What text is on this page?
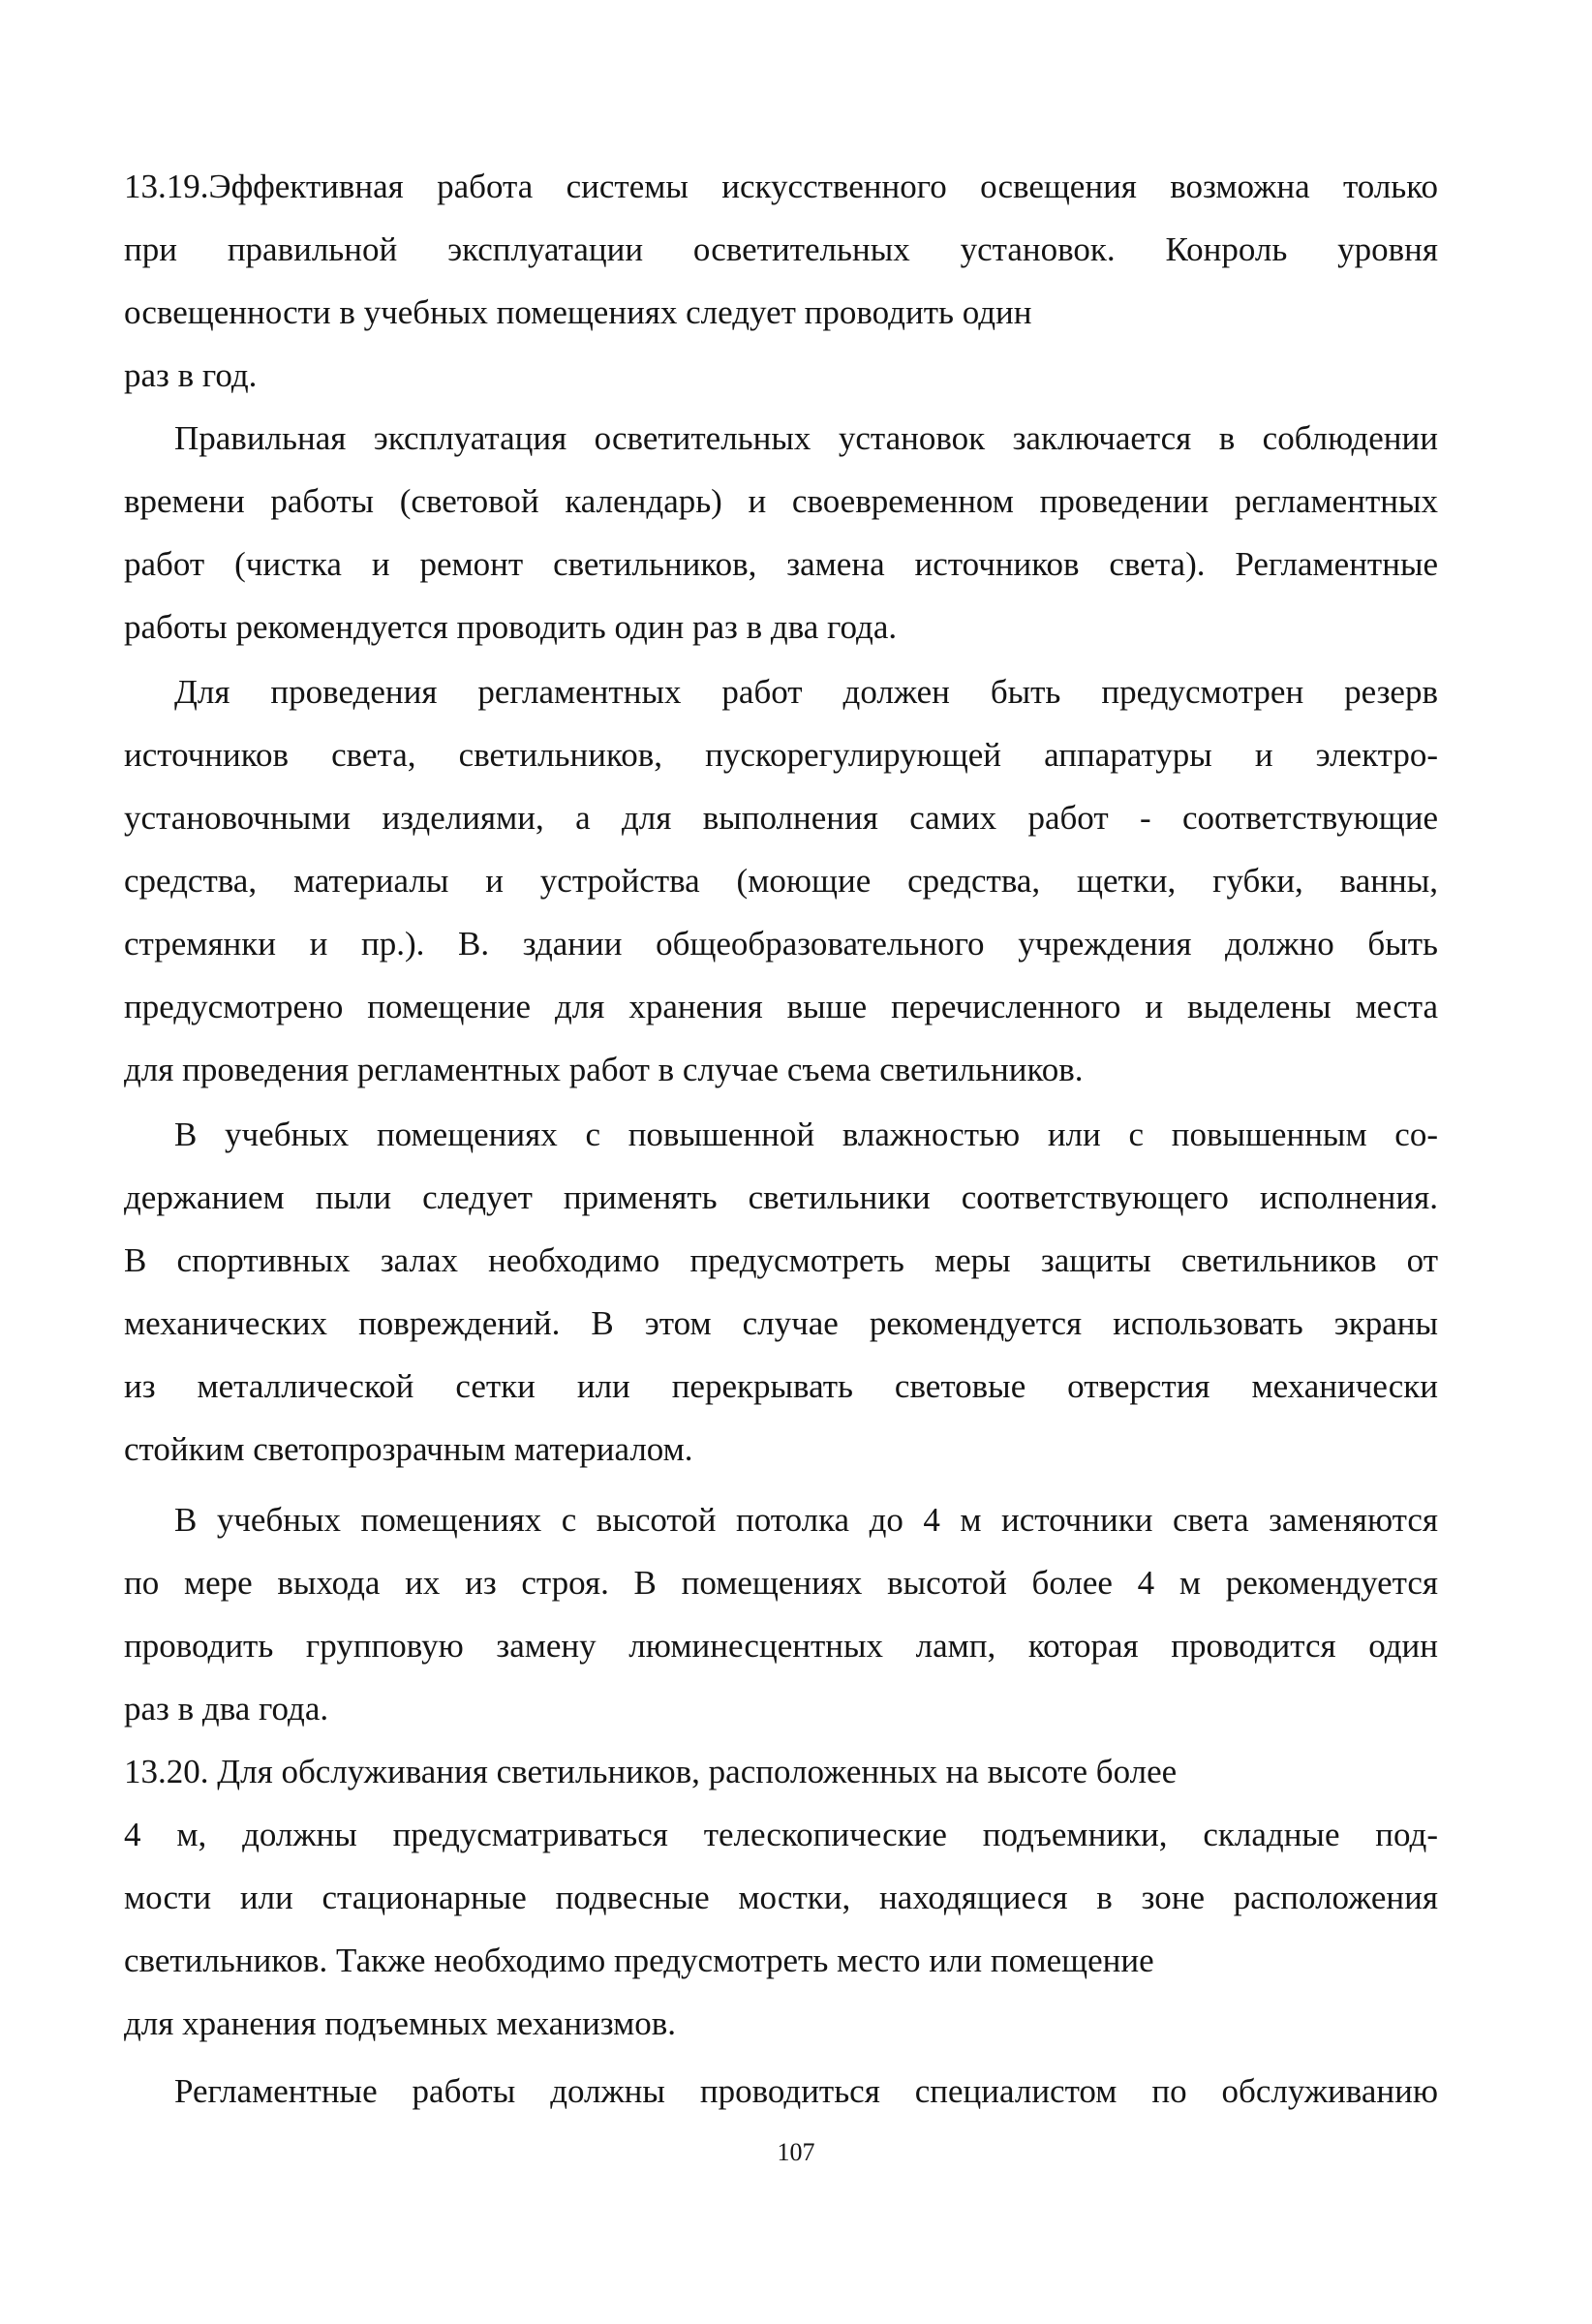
13.19.Эффективная работа системы искусственного освещения возможна только

при правильной эксплуатации осветительных установок. Конроль уровня

освещенности в учебных помещениях следует проводить один

раз в год.

Правильная эксплуатация осветительных установок заключается в соблюдении

времени работы (световой календарь) и своевременном проведении регламентных

работ (чистка и ремонт светильников, замена источников света). Регламентные

работы рекомендуется проводить один раз в два года.

Для проведения регламентных работ должен быть предусмотрен резерв

источников света, светильников, пускорегулирующей аппаратуры и электро-

установочными изделиями, а для выполнения самих работ - соответствующие

средства, материалы и устройства (моющие средства, щетки, губки, ванны,

стремянки и пр.). В. здании общеобразовательного учреждения должно быть

предусмотрено помещение для хранения выше перечисленного и выделены места

для проведения регламентных работ в случае съема светильников.

В учебных помещениях с повышенной влажностью или с повышенным со-

держанием пыли следует применять светильники соответствующего исполнения.

В спортивных залах необходимо предусмотреть меры защиты светильников от

механических повреждений. В этом случае рекомендуется использовать экраны

из металлической сетки или перекрывать световые отверстия механически

стойким светопрозрачным материалом.

В учебных помещениях с высотой потолка до 4 м источники света заменяются

по мере выхода их из строя. В помещениях высотой более 4 м рекомендуется

проводить групповую замену люминесцентных ламп, которая проводится один

раз в два года.

13.20. Для обслуживания светильников, расположенных на высоте более

4 м, должны предусматриваться телескопические подъемники, складные под-

мости или стационарные подвесные мостки, находящиеся в зоне расположения

светильников. Также необходимо предусмотреть место или помещение

для хранения подъемных механизмов.

Регламентные работы должны проводиться специалистом по обслуживанию

107
